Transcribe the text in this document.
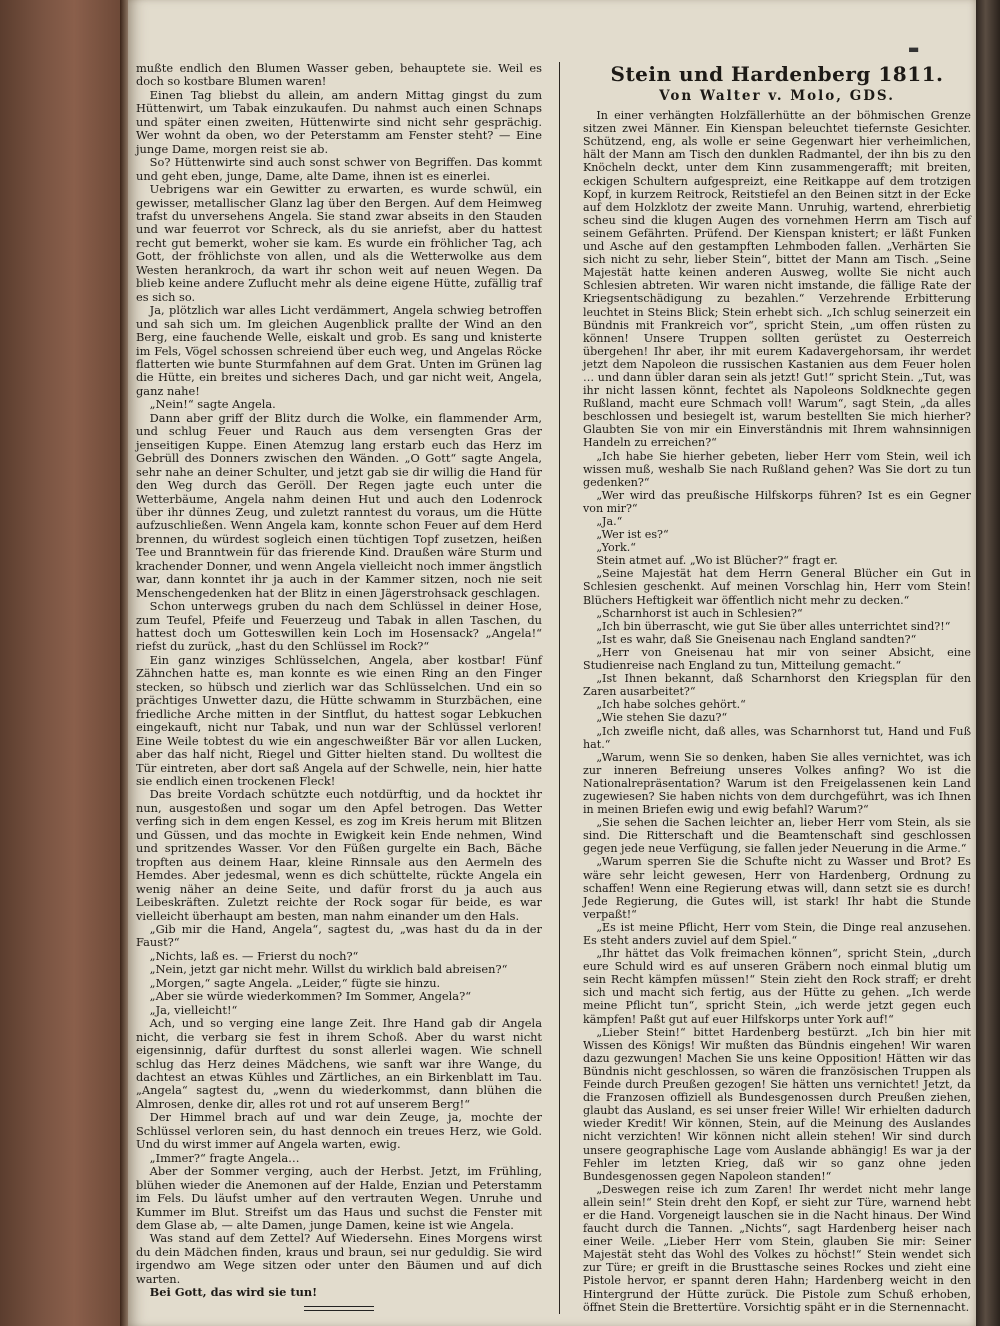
▬

mußte endlich den Blumen Wasser geben, behauptete sie. Weil es doch so kostbare Blumen waren!

Einen Tag bliebst du allein, am andern Mittag gingst du zum Hüttenwirt, um Tabak einzukaufen. Du nahmst auch einen Schnaps und später einen zweiten, Hüttenwirte sind nicht sehr gesprächig. Wer wohnt da oben, wo der Peterstamm am Fenster steht? — Eine junge Dame, morgen reist sie ab.

So? Hüttenwirte sind auch sonst schwer von Begriffen. Das kommt und geht eben, junge, Dame, alte Dame, ihnen ist es einerlei.

Uebrigens war ein Gewitter zu erwarten, es wurde schwül, ein gewisser, metallischer Glanz lag über den Bergen. Auf dem Heimweg trafst du unversehens Angela. Sie stand zwar abseits in den Stauden und war feuerrot vor Schreck, als du sie anriefst, aber du hattest recht gut bemerkt, woher sie kam. Es wurde ein fröhlicher Tag, ach Gott, der fröhlichste von allen, und als die Wetterwolke aus dem Westen herankroch, da wart ihr schon weit auf neuen Wegen. Da blieb keine andere Zuflucht mehr als deine eigene Hütte, zufällig traf es sich so.

Ja, plötzlich war alles Licht verdämmert, Angela schwieg betroffen und sah sich um. Im gleichen Augenblick prallte der Wind an den Berg, eine fauchende Welle, eiskalt und grob. Es sang und knisterte im Fels, Vögel schossen schreiend über euch weg, und Angelas Röcke flatterten wie bunte Sturmfahnen auf dem Grat. Unten im Grünen lag die Hütte, ein breites und sicheres Dach, und gar nicht weit, Angela, ganz nahe!

„Nein!“ sagte Angela.

Dann aber griff der Blitz durch die Wolke, ein flammender Arm, und schlug Feuer und Rauch aus dem versengten Gras der jenseitigen Kuppe. Einen Atemzug lang erstarb euch das Herz im Gebrüll des Donners zwischen den Wänden. „O Gott“ sagte Angela, sehr nahe an deiner Schulter, und jetzt gab sie dir willig die Hand für den Weg durch das Geröll. Der Regen jagte euch unter die Wetterbäume, Angela nahm deinen Hut und auch den Lodenrock über ihr dünnes Zeug, und zuletzt ranntest du voraus, um die Hütte aufzuschließen. Wenn Angela kam, konnte schon Feuer auf dem Herd brennen, du würdest sogleich einen tüchtigen Topf zusetzen, heißen Tee und Branntwein für das frierende Kind. Draußen wäre Sturm und krachender Donner, und wenn Angela vielleicht noch immer ängstlich war, dann konntet ihr ja auch in der Kammer sitzen, noch nie seit Menschengedenken hat der Blitz in einen Jägerstrohsack geschlagen.

Schon unterwegs gruben du nach dem Schlüssel in deiner Hose, zum Teufel, Pfeife und Feuerzeug und Tabak in allen Taschen, du hattest doch um Gotteswillen kein Loch im Hosensack? „Angela!“ riefst du zurück, „hast du den Schlüssel im Rock?“

Ein ganz winziges Schlüsselchen, Angela, aber kostbar! Fünf Zähnchen hatte es, man konnte es wie einen Ring an den Finger stecken, so hübsch und zierlich war das Schlüsselchen. Und ein so prächtiges Unwetter dazu, die Hütte schwamm in Sturzbächen, eine friedliche Arche mitten in der Sintflut, du hattest sogar Lebkuchen eingekauft, nicht nur Tabak, und nun war der Schlüssel verloren! Eine Weile tobtest du wie ein angeschweißter Bär vor allen Lucken, aber das half nicht, Riegel und Gitter hielten stand. Du wolltest die Tür eintreten, aber dort saß Angela auf der Schwelle, nein, hier hatte sie endlich einen trockenen Fleck!

Das breite Vordach schützte euch notdürftig, und da hocktet ihr nun, ausgestoßen und sogar um den Apfel betrogen. Das Wetter verfing sich in dem engen Kessel, es zog im Kreis herum mit Blitzen und Güssen, und das mochte in Ewigkeit kein Ende nehmen, Wind und spritzendes Wasser. Vor den Füßen gurgelte ein Bach, Bäche tropften aus deinem Haar, kleine Rinnsale aus den Aermeln des Hemdes. Aber jedesmal, wenn es dich schüttelte, rückte Angela ein wenig näher an deine Seite, und dafür frorst du ja auch aus Leibeskräften. Zuletzt reichte der Rock sogar für beide, es war vielleicht überhaupt am besten, man nahm einander um den Hals.

„Gib mir die Hand, Angela“, sagtest du, „was hast du da in der Faust?“

„Nichts, laß es. — Frierst du noch?“

„Nein, jetzt gar nicht mehr. Willst du wirklich bald abreisen?“

„Morgen,“ sagte Angela. „Leider,“ fügte sie hinzu.

„Aber sie würde wiederkommen? Im Sommer, Angela?“

„Ja, vielleicht!“

Ach, und so verging eine lange Zeit. Ihre Hand gab dir Angela nicht, die verbarg sie fest in ihrem Schoß. Aber du warst nicht eigensinnig, dafür durftest du sonst allerlei wagen. Wie schnell schlug das Herz deines Mädchens, wie sanft war ihre Wange, du dachtest an etwas Kühles und Zärtliches, an ein Birkenblatt im Tau. „Angela“ sagtest du, „wenn du wiederkommst, dann blühen die Almrosen, denke dir, alles rot und rot auf unserem Berg!“

Der Himmel brach auf und war dein Zeuge, ja, mochte der Schlüssel verloren sein, du hast dennoch ein treues Herz, wie Gold. Und du wirst immer auf Angela warten, ewig.

„Immer?“ fragte Angela…

Aber der Sommer verging, auch der Herbst. Jetzt, im Frühling, blühen wieder die Anemonen auf der Halde, Enzian und Peterstamm im Fels. Du läufst umher auf den vertrauten Wegen. Unruhe und Kummer im Blut. Streifst um das Haus und suchst die Fenster mit dem Glase ab, — alte Damen, junge Damen, keine ist wie Angela.

Was stand auf dem Zettel? Auf Wiedersehn. Eines Morgens wirst du dein Mädchen finden, kraus und braun, sei nur geduldig. Sie wird irgendwo am Wege sitzen oder unter den Bäumen und auf dich warten.

Bei Gott, das wird sie tun!

Stein und Hardenberg 1811.
Von Walter v. Molo, GDS.

In einer verhängten Holzfällerhütte an der böhmischen Grenze sitzen zwei Männer. Ein Kienspan beleuchtet tiefernste Gesichter. Schützend, eng, als wolle er seine Gegenwart hier verheimlichen, hält der Mann am Tisch den dunklen Radmantel, der ihn bis zu den Knöcheln deckt, unter dem Kinn zusammengerafft; mit breiten, eckigen Schultern aufgespreizt, eine Reitkappe auf dem trotzigen Kopf, in kurzem Reitrock, Reitstiefel an den Beinen sitzt in der Ecke auf dem Holzklotz der zweite Mann. Unruhig, wartend, ehrerbietig scheu sind die klugen Augen des vornehmen Herrn am Tisch auf seinem Gefährten. Prüfend. Der Kienspan knistert; er läßt Funken und Asche auf den gestampften Lehmboden fallen. „Verhärten Sie sich nicht zu sehr, lieber Stein“, bittet der Mann am Tisch. „Seine Majestät hatte keinen anderen Ausweg, wollte Sie nicht auch Schlesien abtreten. Wir waren nicht imstande, die fällige Rate der Kriegsentschädigung zu bezahlen.“ Verzehrende Erbitterung leuchtet in Steins Blick; Stein erhebt sich. „Ich schlug seinerzeit ein Bündnis mit Frankreich vor“, spricht Stein, „um offen rüsten zu können! Unsere Truppen sollten gerüstet zu Oesterreich übergehen! Ihr aber, ihr mit eurem Kadavergehorsam, ihr werdet jetzt dem Napoleon die russischen Kastanien aus dem Feuer holen … und dann übler daran sein als jetzt! Gut!“ spricht Stein. „Tut, was ihr nicht lassen könnt, fechtet als Napoleons Soldknechte gegen Rußland, macht eure Schmach voll! Warum“, sagt Stein, „da alles beschlossen und besiegelt ist, warum bestellten Sie mich hierher? Glaubten Sie von mir ein Einverständnis mit Ihrem wahnsinnigen Handeln zu erreichen?“

„Ich habe Sie hierher gebeten, lieber Herr vom Stein, weil ich wissen muß, weshalb Sie nach Rußland gehen? Was Sie dort zu tun gedenken?“

„Wer wird das preußische Hilfskorps führen? Ist es ein Gegner von mir?“

„Ja.“

„Wer ist es?“

„York.“

Stein atmet auf. „Wo ist Blücher?“ fragt er.

„Seine Majestät hat dem Herrn General Blücher ein Gut in Schlesien geschenkt. Auf meinen Vorschlag hin, Herr vom Stein! Blüchers Heftigkeit war öffentlich nicht mehr zu decken.“

„Scharnhorst ist auch in Schlesien?“

„Ich bin überrascht, wie gut Sie über alles unterrichtet sind?!“

„Ist es wahr, daß Sie Gneisenau nach England sandten?“

„Herr von Gneisenau hat mir von seiner Absicht, eine Studienreise nach England zu tun, Mitteilung gemacht.“

„Ist Ihnen bekannt, daß Scharnhorst den Kriegsplan für den Zaren ausarbeitet?“

„Ich habe solches gehört.“

„Wie stehen Sie dazu?“

„Ich zweifle nicht, daß alles, was Scharnhorst tut, Hand und Fuß hat.“

„Warum, wenn Sie so denken, haben Sie alles vernichtet, was ich zur inneren Befreiung unseres Volkes anfing? Wo ist die Nationalrepräsentation? Warum ist den Freigelassenen kein Land zugewiesen? Sie haben nichts von dem durchgeführt, was ich Ihnen in meinen Briefen ewig und ewig befahl? Warum?“

„Sie sehen die Sachen leichter an, lieber Herr vom Stein, als sie sind. Die Ritterschaft und die Beamtenschaft sind geschlossen gegen jede neue Verfügung, sie fallen jeder Neuerung in die Arme.“

„Warum sperren Sie die Schufte nicht zu Wasser und Brot? Es wäre sehr leicht gewesen, Herr von Hardenberg, Ordnung zu schaffen! Wenn eine Regierung etwas will, dann setzt sie es durch! Jede Regierung, die Gutes will, ist stark! Ihr habt die Stunde verpaßt!“

„Es ist meine Pflicht, Herr vom Stein, die Dinge real anzusehen. Es steht anders zuviel auf dem Spiel.“

„Ihr hättet das Volk freimachen können“, spricht Stein, „durch eure Schuld wird es auf unseren Gräbern noch einmal blutig um sein Recht kämpfen müssen!“ Stein zieht den Rock straff; er dreht sich und macht sich fertig, aus der Hütte zu gehen. „Ich werde meine Pflicht tun“, spricht Stein, „ich werde jetzt gegen euch kämpfen! Paßt gut auf euer Hilfskorps unter York auf!“

„Lieber Stein!“ bittet Hardenberg bestürzt. „Ich bin hier mit Wissen des Königs! Wir mußten das Bündnis eingehen! Wir waren dazu gezwungen! Machen Sie uns keine Opposition! Hätten wir das Bündnis nicht geschlossen, so wären die französischen Truppen als Feinde durch Preußen gezogen! Sie hätten uns vernichtet! Jetzt, da die Franzosen offiziell als Bundesgenossen durch Preußen ziehen, glaubt das Ausland, es sei unser freier Wille! Wir erhielten dadurch wieder Kredit! Wir können, Stein, auf die Meinung des Auslandes nicht verzichten! Wir können nicht allein stehen! Wir sind durch unsere geographische Lage vom Auslande abhängig! Es war ja der Fehler im letzten Krieg, daß wir so ganz ohne jeden Bundesgenossen gegen Napoleon standen!“

„Deswegen reise ich zum Zaren! Ihr werdet nicht mehr lange allein sein!“ Stein dreht den Kopf, er sieht zur Türe, warnend hebt er die Hand. Vorgeneigt lauschen sie in die Nacht hinaus. Der Wind faucht durch die Tannen. „Nichts“, sagt Hardenberg heiser nach einer Weile. „Lieber Herr vom Stein, glauben Sie mir: Seiner Majestät steht das Wohl des Volkes zu höchst!“ Stein wendet sich zur Türe; er greift in die Brusttasche seines Rockes und zieht eine Pistole hervor, er spannt deren Hahn; Hardenberg weicht in den Hintergrund der Hütte zurück. Die Pistole zum Schuß erhoben, öffnet Stein die Brettertüre. Vorsichtig späht er in die Sternennacht.
